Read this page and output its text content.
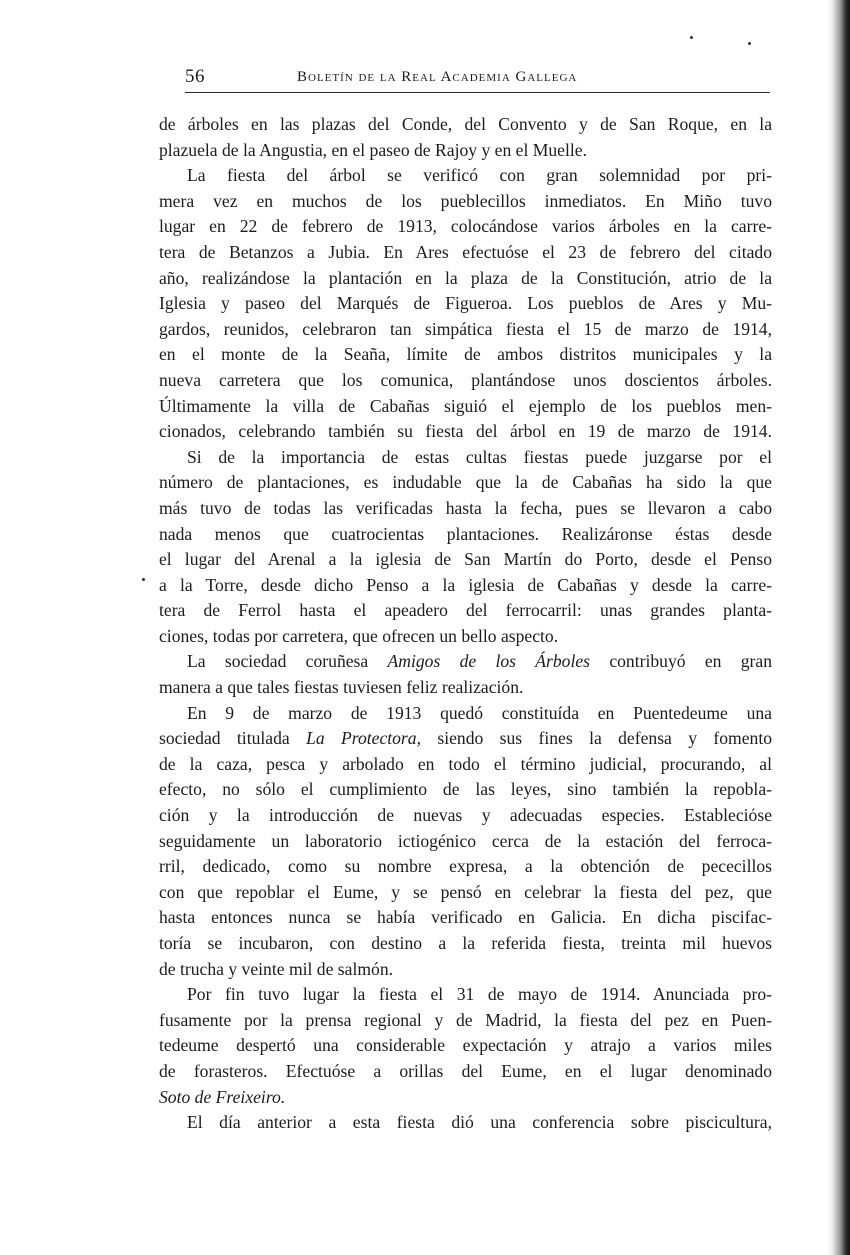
56	Boletín de la Real Academia Gallega
de árboles en las plazas del Conde, del Convento y de San Roque, en la
plazuela de la Angustia, en el paseo de Rajoy y en el Muelle.
La fiesta del árbol se verificó con gran solemnidad por pri-
mera vez en muchos de los pueblecillos inmediatos. En Miño tuvo
lugar en 22 de febrero de 1913, colocándose varios árboles en la carre-
tera de Betanzos a Jubia. En Ares efectuóse el 23 de febrero del citado
año, realizándose la plantación en la plaza de la Constitución, atrio de la
Iglesia y paseo del Marqués de Figueroa. Los pueblos de Ares y Mu-
gardos, reunidos, celebraron tan simpática fiesta el 15 de marzo de 1914,
en el monte de la Seaña, límite de ambos distritos municipales y la
nueva carretera que los comunica, plantándose unos doscientos árboles.
Últimamente la villa de Cabañas siguió el ejemplo de los pueblos men-
cionados, celebrando también su fiesta del árbol en 19 de marzo de 1914.
Si de la importancia de estas cultas fiestas puede juzgarse por el
número de plantaciones, es indudable que la de Cabañas ha sido la que
más tuvo de todas las verificadas hasta la fecha, pues se llevaron a cabo
nada menos que cuatrocientas plantaciones. Realizáronse éstas desde
el lugar del Arenal a la iglesia de San Martín do Porto, desde el Penso
a la Torre, desde dicho Penso a la iglesia de Cabañas y desde la carre-
tera de Ferrol hasta el apeadero del ferrocarril: unas grandes planta-
ciones, todas por carretera, que ofrecen un bello aspecto.
La sociedad coruñesa Amigos de los Árboles contribuyó en gran
manera a que tales fiestas tuviesen feliz realización.
En 9 de marzo de 1913 quedó constituída en Puentedeume una
sociedad titulada La Protectora, siendo sus fines la defensa y fomento
de la caza, pesca y arbolado en todo el término judicial, procurando, al
efecto, no sólo el cumplimiento de las leyes, sino también la repobla-
ción y la introducción de nuevas y adecuadas especies. Estableciόse
seguidamente un laboratorio ictiogénico cerca de la estación del ferroca-
rril, dedicado, como su nombre expresa, a la obtención de pececillos
con que repoblar el Eume, y se pensó en celebrar la fiesta del pez, que
hasta entonces nunca se había verificado en Galicia. En dicha piscifac-
toría se incubaron, con destino a la referida fiesta, treinta mil huevos
de trucha y veinte mil de salmón.
Por fin tuvo lugar la fiesta el 31 de mayo de 1914. Anunciada pro-
fusamente por la prensa regional y de Madrid, la fiesta del pez en Puen-
tedeume despertó una considerable expectación y atrajo a varios miles
de forasteros. Efectuóse a orillas del Eume, en el lugar denominado
Soto de Freixeiro.
El día anterior a esta fiesta dió una conferencia sobre piscicultura,
